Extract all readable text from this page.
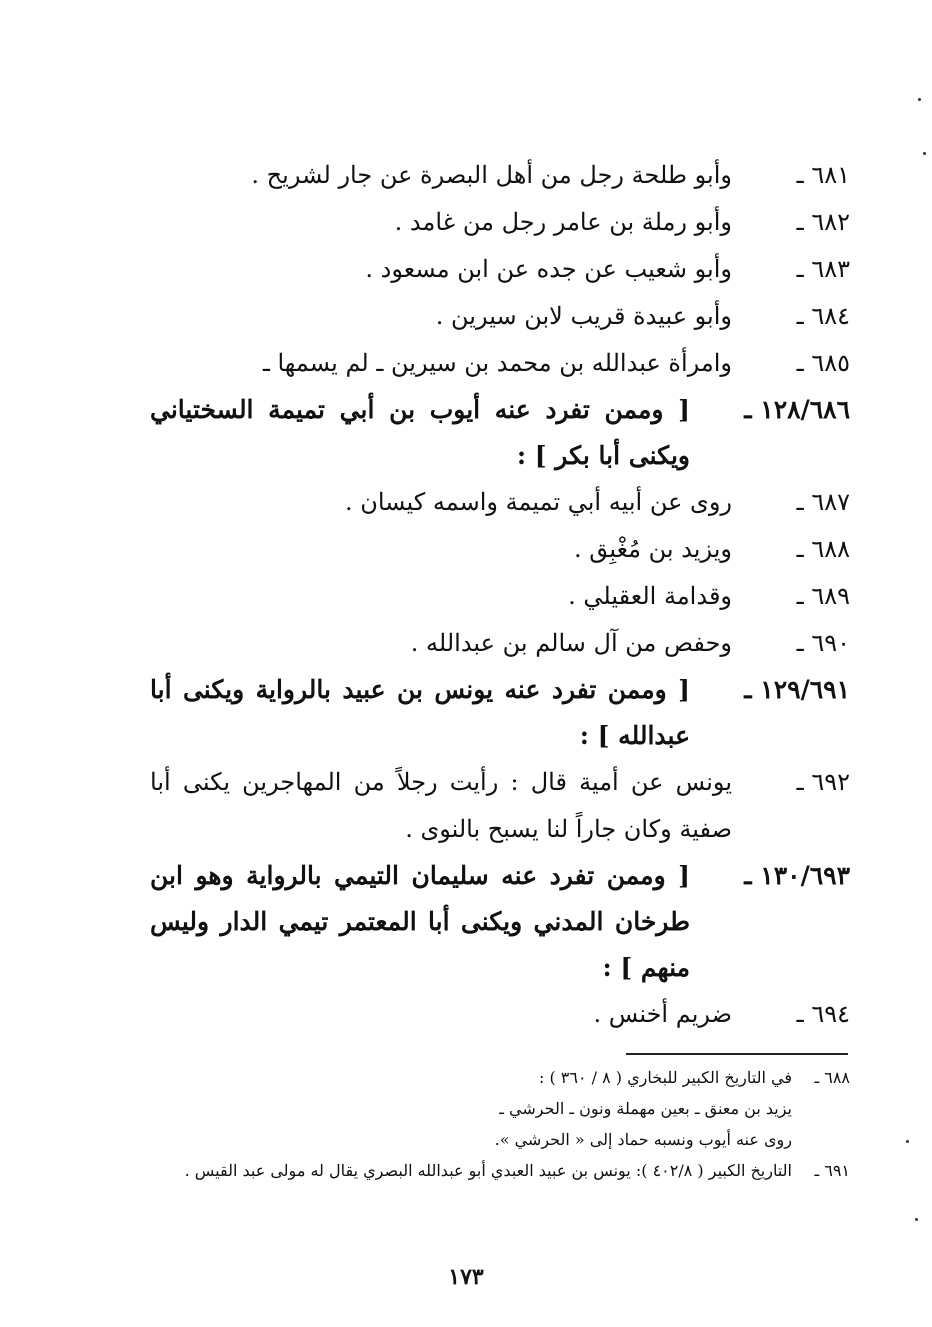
٦٨١ ـ
وأبو طلحة رجل من أهل البصرة عن جار لشريح .
٦٨٢ ـ
وأبو رملة بن عامر رجل من غامد .
٦٨٣ ـ
وأبو شعيب عن جده عن ابن مسعود .
٦٨٤ ـ
وأبو عبيدة قريب لابن سيرين .
٦٨٥ ـ
وامرأة عبدالله بن محمد بن سيرين ـ لم يسمها ـ
١٢٨/٦٨٦ ـ
[ وممن تفرد عنه أيوب بن أبي تميمة السختياني ويكنى أبا بكر ] :
٦٨٧ ـ
روى عن أبيه أبي تميمة واسمه كيسان .
٦٨٨ ـ
ويزيد بن مُغْبِق .
٦٨٩ ـ
وقدامة العقيلي .
٦٩٠ ـ
وحفص من آل سالم بن عبدالله .
١٢٩/٦٩١ ـ
[ وممن تفرد عنه يونس بن عبيد بالرواية ويكنى أبا عبدالله ] :
٦٩٢ ـ
يونس عن أمية قال : رأيت رجلاً من المهاجرين يكنى أبا صفية وكان جاراً لنا يسبح بالنوى .
١٣٠/٦٩٣ ـ
[ وممن تفرد عنه سليمان التيمي بالرواية وهو ابن طرخان المدني ويكنى أبا المعتمر تيمي الدار وليس منهم ] :
٦٩٤ ـ
ضريم أخنس .
٦٨٨ ـ
في التاريخ الكبير للبخاري ( ٨ / ٣٦٠ ) :
يزيد بن معنق ـ بعين مهملة ونون ـ الحرشي ـ
روى عنه أيوب ونسبه حماد إلى « الحرشي ».
٦٩١ ـ
التاريخ الكبير ( ٤٠٢/٨ ): يونس بن عبيد العبدي أبو عبدالله البصري يقال له مولى عبد القيس .
١٧٣
